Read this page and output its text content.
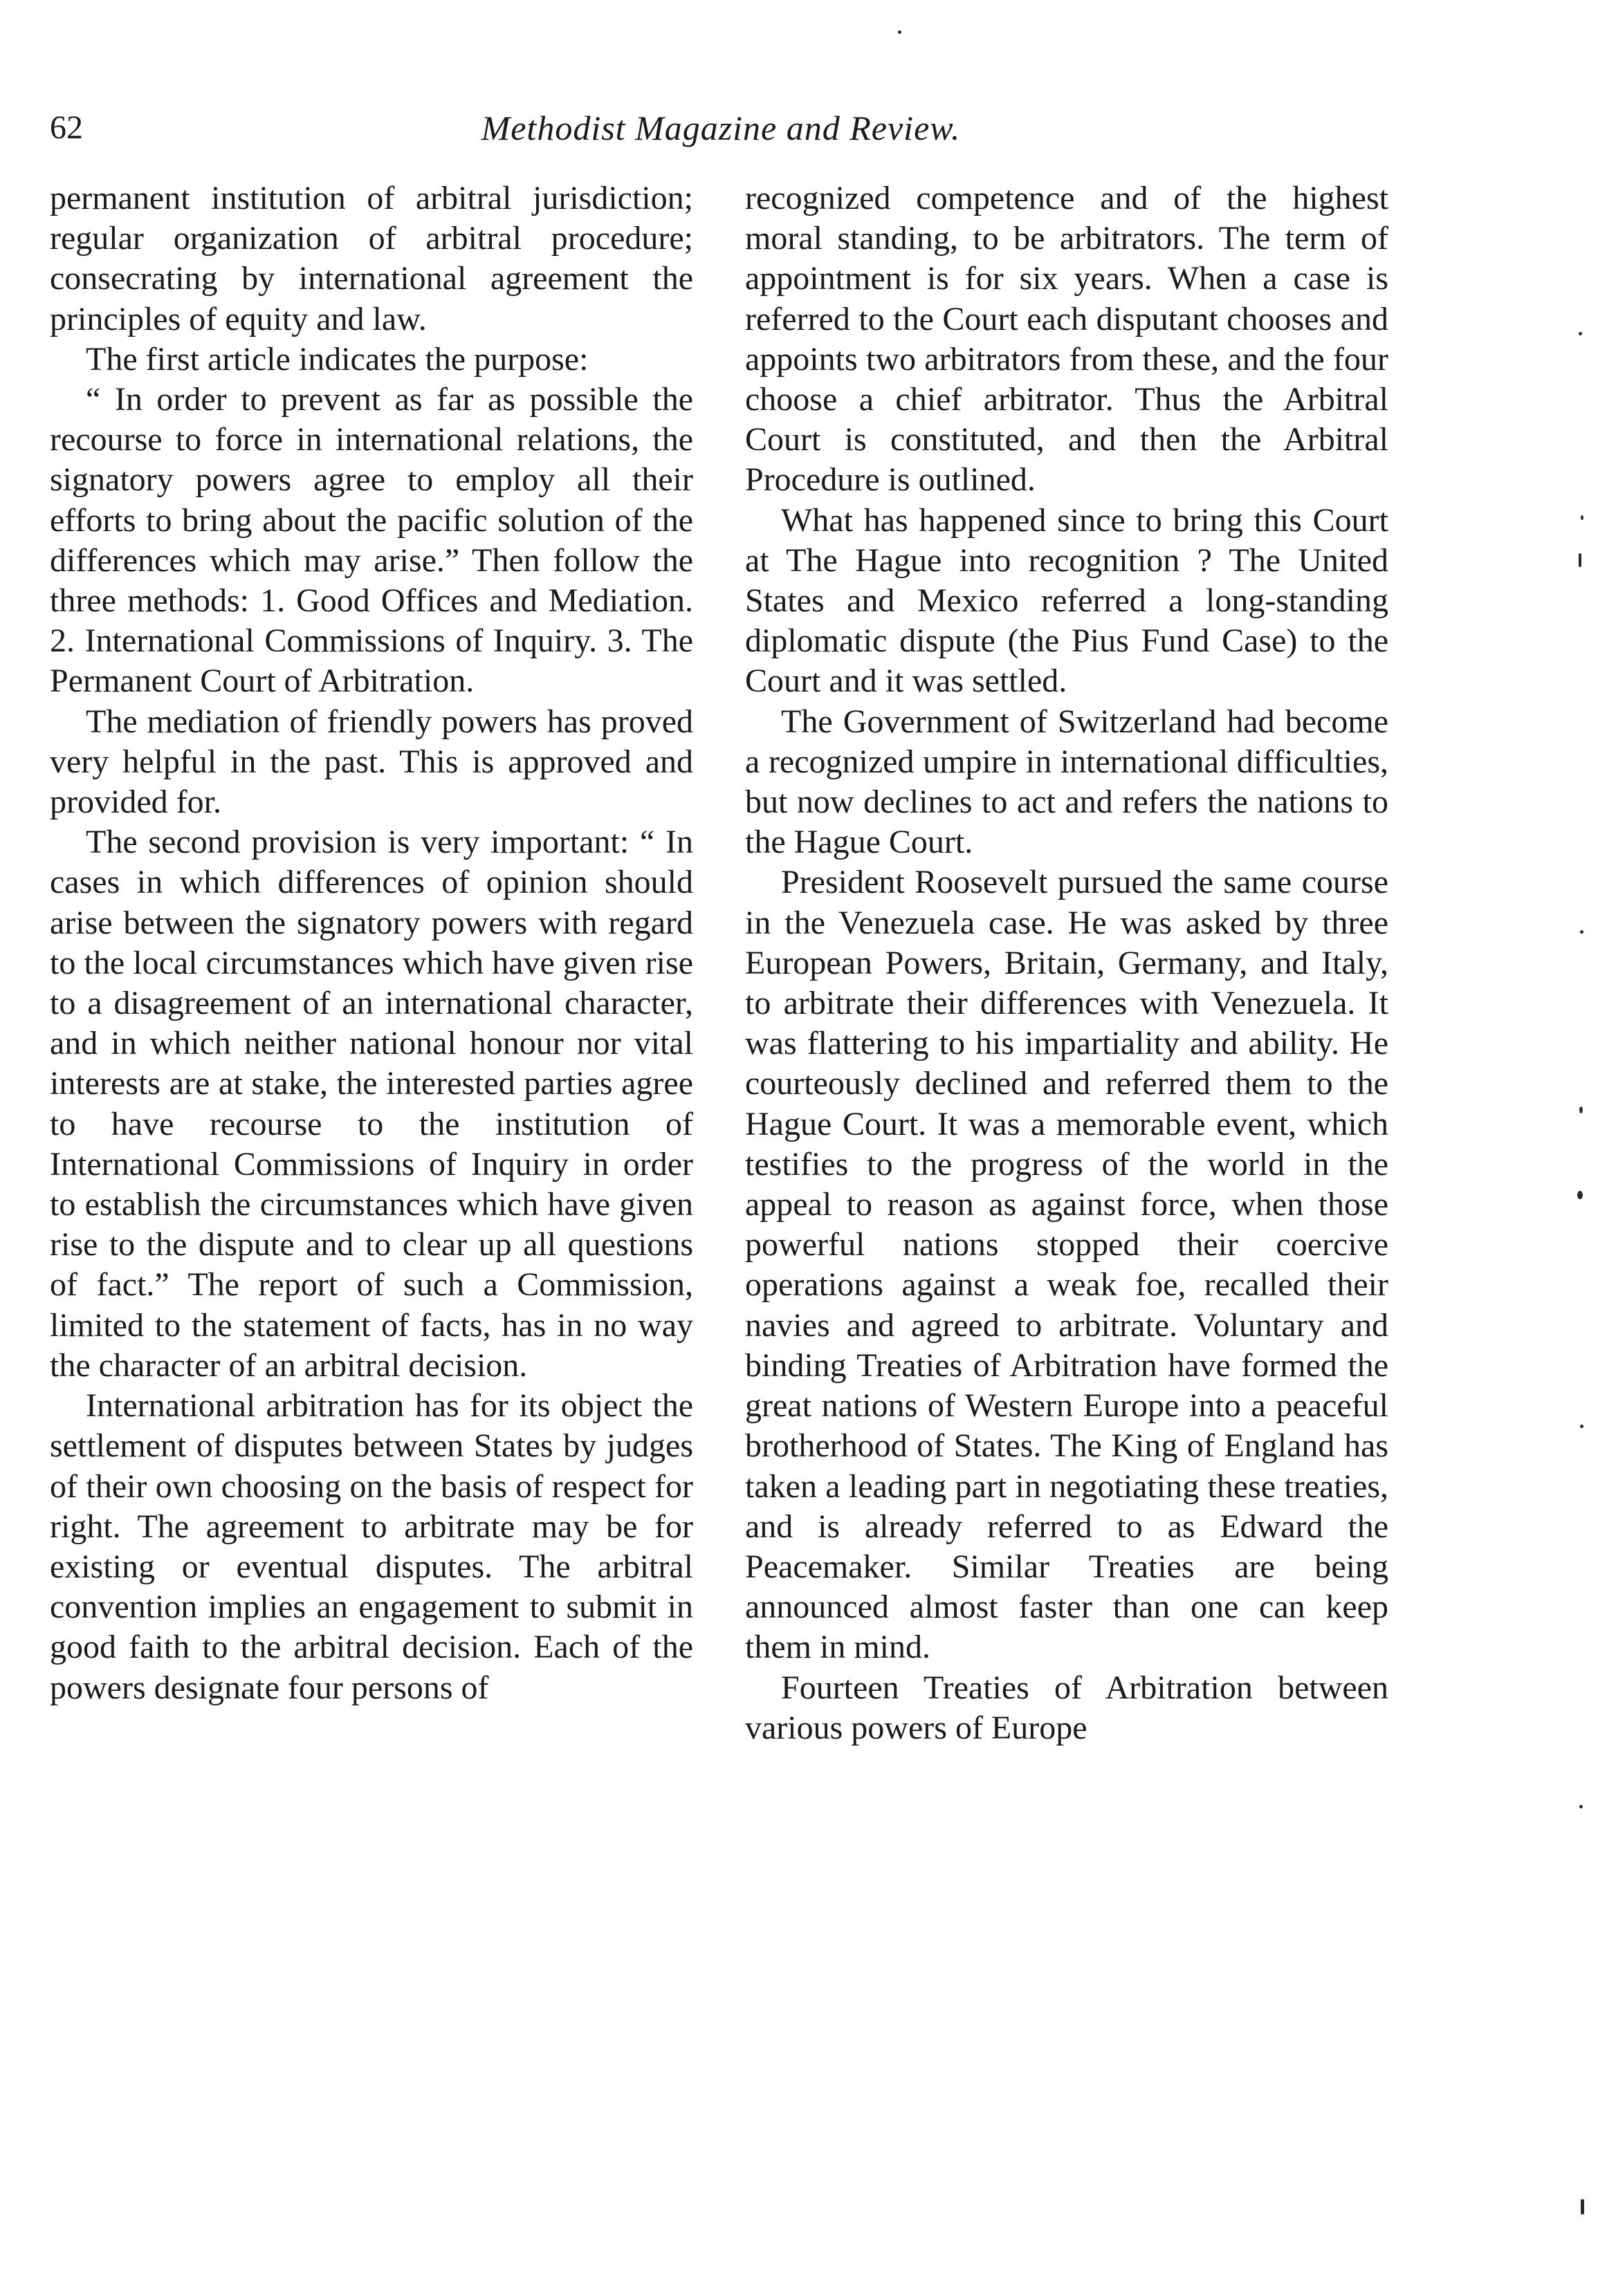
62	Methodist Magazine and Review.

permanent institution of arbitral jurisdiction; regular organization of arbitral procedure; consecrating by international agreement the principles of equity and law.

The first article indicates the purpose:

“ In order to prevent as far as possible the recourse to force in international relations, the signatory powers agree to employ all their efforts to bring about the pacific solution of the differences which may arise.” Then follow the three methods: 1. Good Offices and Mediation. 2. International Commissions of Inquiry. 3. The Permanent Court of Arbitration.

The mediation of friendly powers has proved very helpful in the past. This is approved and provided for.

The second provision is very important: “ In cases in which differences of opinion should arise between the signatory powers with regard to the local circumstances which have given rise to a disagreement of an international character, and in which neither national honour nor vital interests are at stake, the interested parties agree to have recourse to the institution of International Commissions of Inquiry in order to establish the circumstances which have given rise to the dispute and to clear up all questions of fact.” The report of such a Commission, limited to the statement of facts, has in no way the character of an arbitral decision.

International arbitration has for its object the settlement of disputes between States by judges of their own choosing on the basis of respect for right. The agreement to arbitrate may be for existing or eventual disputes. The arbitral convention implies an engagement to submit in good faith to the arbitral decision. Each of the powers designate four persons of

recognized competence and of the highest moral standing, to be arbitrators. The term of appointment is for six years. When a case is referred to the Court each disputant chooses and appoints two arbitrators from these, and the four choose a chief arbitrator. Thus the Arbitral Court is constituted, and then the Arbitral Procedure is outlined.

What has happened since to bring this Court at The Hague into recognition ? The United States and Mexico referred a long-standing diplomatic dispute (the Pius Fund Case) to the Court and it was settled.

The Government of Switzerland had become a recognized umpire in international difficulties, but now declines to act and refers the nations to the Hague Court.

President Roosevelt pursued the same course in the Venezuela case. He was asked by three European Powers, Britain, Germany, and Italy, to arbitrate their differences with Venezuela. It was flattering to his impartiality and ability. He courteously declined and referred them to the Hague Court. It was a memorable event, which testifies to the progress of the world in the appeal to reason as against force, when those powerful nations stopped their coercive operations against a weak foe, recalled their navies and agreed to arbitrate. Voluntary and binding Treaties of Arbitration have formed the great nations of Western Europe into a peaceful brotherhood of States. The King of England has taken a leading part in negotiating these treaties, and is already referred to as Edward the Peacemaker. Similar Treaties are being announced almost faster than one can keep them in mind.

Fourteen Treaties of Arbitration between various powers of Europe
